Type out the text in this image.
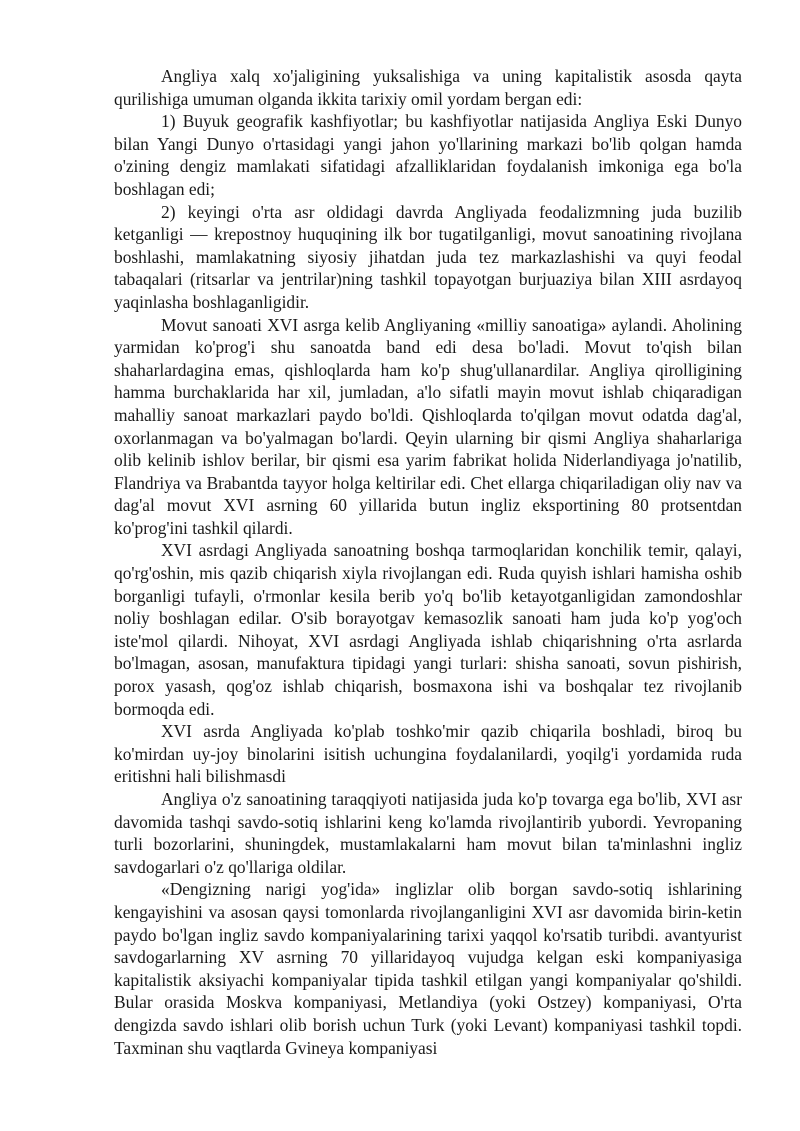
Angliya xalq xo'jaligining yuksalishiga va uning kapitalistik asosda qayta qurilishiga umuman olganda ikkita tarixiy omil yordam bergan edi:

1) Buyuk geografik kashfiyotlar; bu kashfiyotlar natijasida Angliya Eski Dunyo bilan Yangi Dunyo o'rtasidagi yangi jahon yo'llarining markazi bo'lib qolgan hamda o'zining dengiz mamlakati sifatidagi afzalliklaridan foydalanish imkoniga ega bo'la boshlagan edi;

2) keyingi o'rta asr oldidagi davrda Angliyada feodalizmning juda buzilib ketganligi — krepostnoy huquqining ilk bor tugatilganligi, movut sanoatining rivojlana boshlashi, mamlakatning siyosiy jihatdan juda tez markazlashishi va quyi feodal tabaqalari (ritsarlar va jentrilar)ning tashkil topayotgan burjuaziya bilan XIII asrdayoq yaqinlasha boshlaganligidir.

Movut sanoati XVI asrga kelib Angliyaning «milliy sanoatiga» aylandi. Aholining yarmidan ko'prog'i shu sanoatda band edi desa bo'ladi. Movut to'qish bilan shaharlardagina emas, qishloqlarda ham ko'p shug'ullanardilar. Angliya qirolligining hamma burchaklarida har xil, jumladan, a'lo sifatli mayin movut ishlab chiqaradigan mahalliy sanoat markazlari paydo bo'ldi. Qishloqlarda to'qilgan movut odatda dag'al, oxorlanmagan va bo'yalmagan bo'lardi. Qeyin ularning bir qismi Angliya shaharlariga olib kelinib ishlov berilar, bir qismi esa yarim fabrikat holida Niderlandiyaga jo'natilib, Flandriya va Brabantda tayyor holga keltirilar edi. Chet ellarga chiqariladigan oliy nav va dag'al movut XVI asrning 60 yillarida butun ingliz eksportining 80 protsentdan ko'prog'ini tashkil qilardi.

XVI asrdagi Angliyada sanoatning boshqa tarmoqlaridan konchilik temir, qalayi, qo'rg'oshin, mis qazib chiqarish xiyla rivojlangan edi. Ruda quyish ishlari hamisha oshib borganligi tufayli, o'rmonlar kesila berib yo'q bo'lib ketayotganligidan zamondoshlar noliy boshlagan edilar. O'sib borayotgav kemasozlik sanoati ham juda ko'p yog'och iste'mol qilardi. Nihoyat, XVI asrdagi Angliyada ishlab chiqarishning o'rta asrlarda bo'lmagan, asosan, manufaktura tipidagi yangi turlari: shisha sanoati, sovun pishirish, porox yasash, qog'oz ishlab chiqarish, bosmaxona ishi va boshqalar tez rivojlanib bormoqda edi.

XVI asrda Angliyada ko'plab toshko'mir qazib chiqarila boshladi, biroq bu ko'mirdan uy-joy binolarini isitish uchungina foydalanilardi, yoqilg'i yordamida ruda eritishni hali bilishmasdi

Angliya o'z sanoatining taraqqiyoti natijasida juda ko'p tovarga ega bo'lib, XVI asr davomida tashqi savdo-sotiq ishlarini keng ko'lamda rivojlantirib yubordi. Yevropaning turli bozorlarini, shuningdek, mustamlakalarni ham movut bilan ta'minlashni ingliz savdogarlari o'z qo'llariga oldilar.

«Dengizning narigi yog'ida» inglizlar olib borgan savdo-sotiq ishlarining kengayishini va asosan qaysi tomonlarda rivojlanganligini XVI asr davomida birin-ketin paydo bo'lgan ingliz savdo kompaniyalarining tarixi yaqqol ko'rsatib turibdi. avantyurist savdogarlarning XV asrning 70 yillaridayoq vujudga kelgan eski kompaniyasiga kapitalistik aksiyachi kompaniyalar tipida tashkil etilgan yangi kompaniyalar qo'shildi. Bular orasida Moskva kompaniyasi, Metlandiya (yoki Ostzey) kompaniyasi, O'rta dengizda savdo ishlari olib borish uchun Turk (yoki Levant) kompaniyasi tashkil topdi. Taxminan shu vaqtlarda Gvineya kompaniyasi
